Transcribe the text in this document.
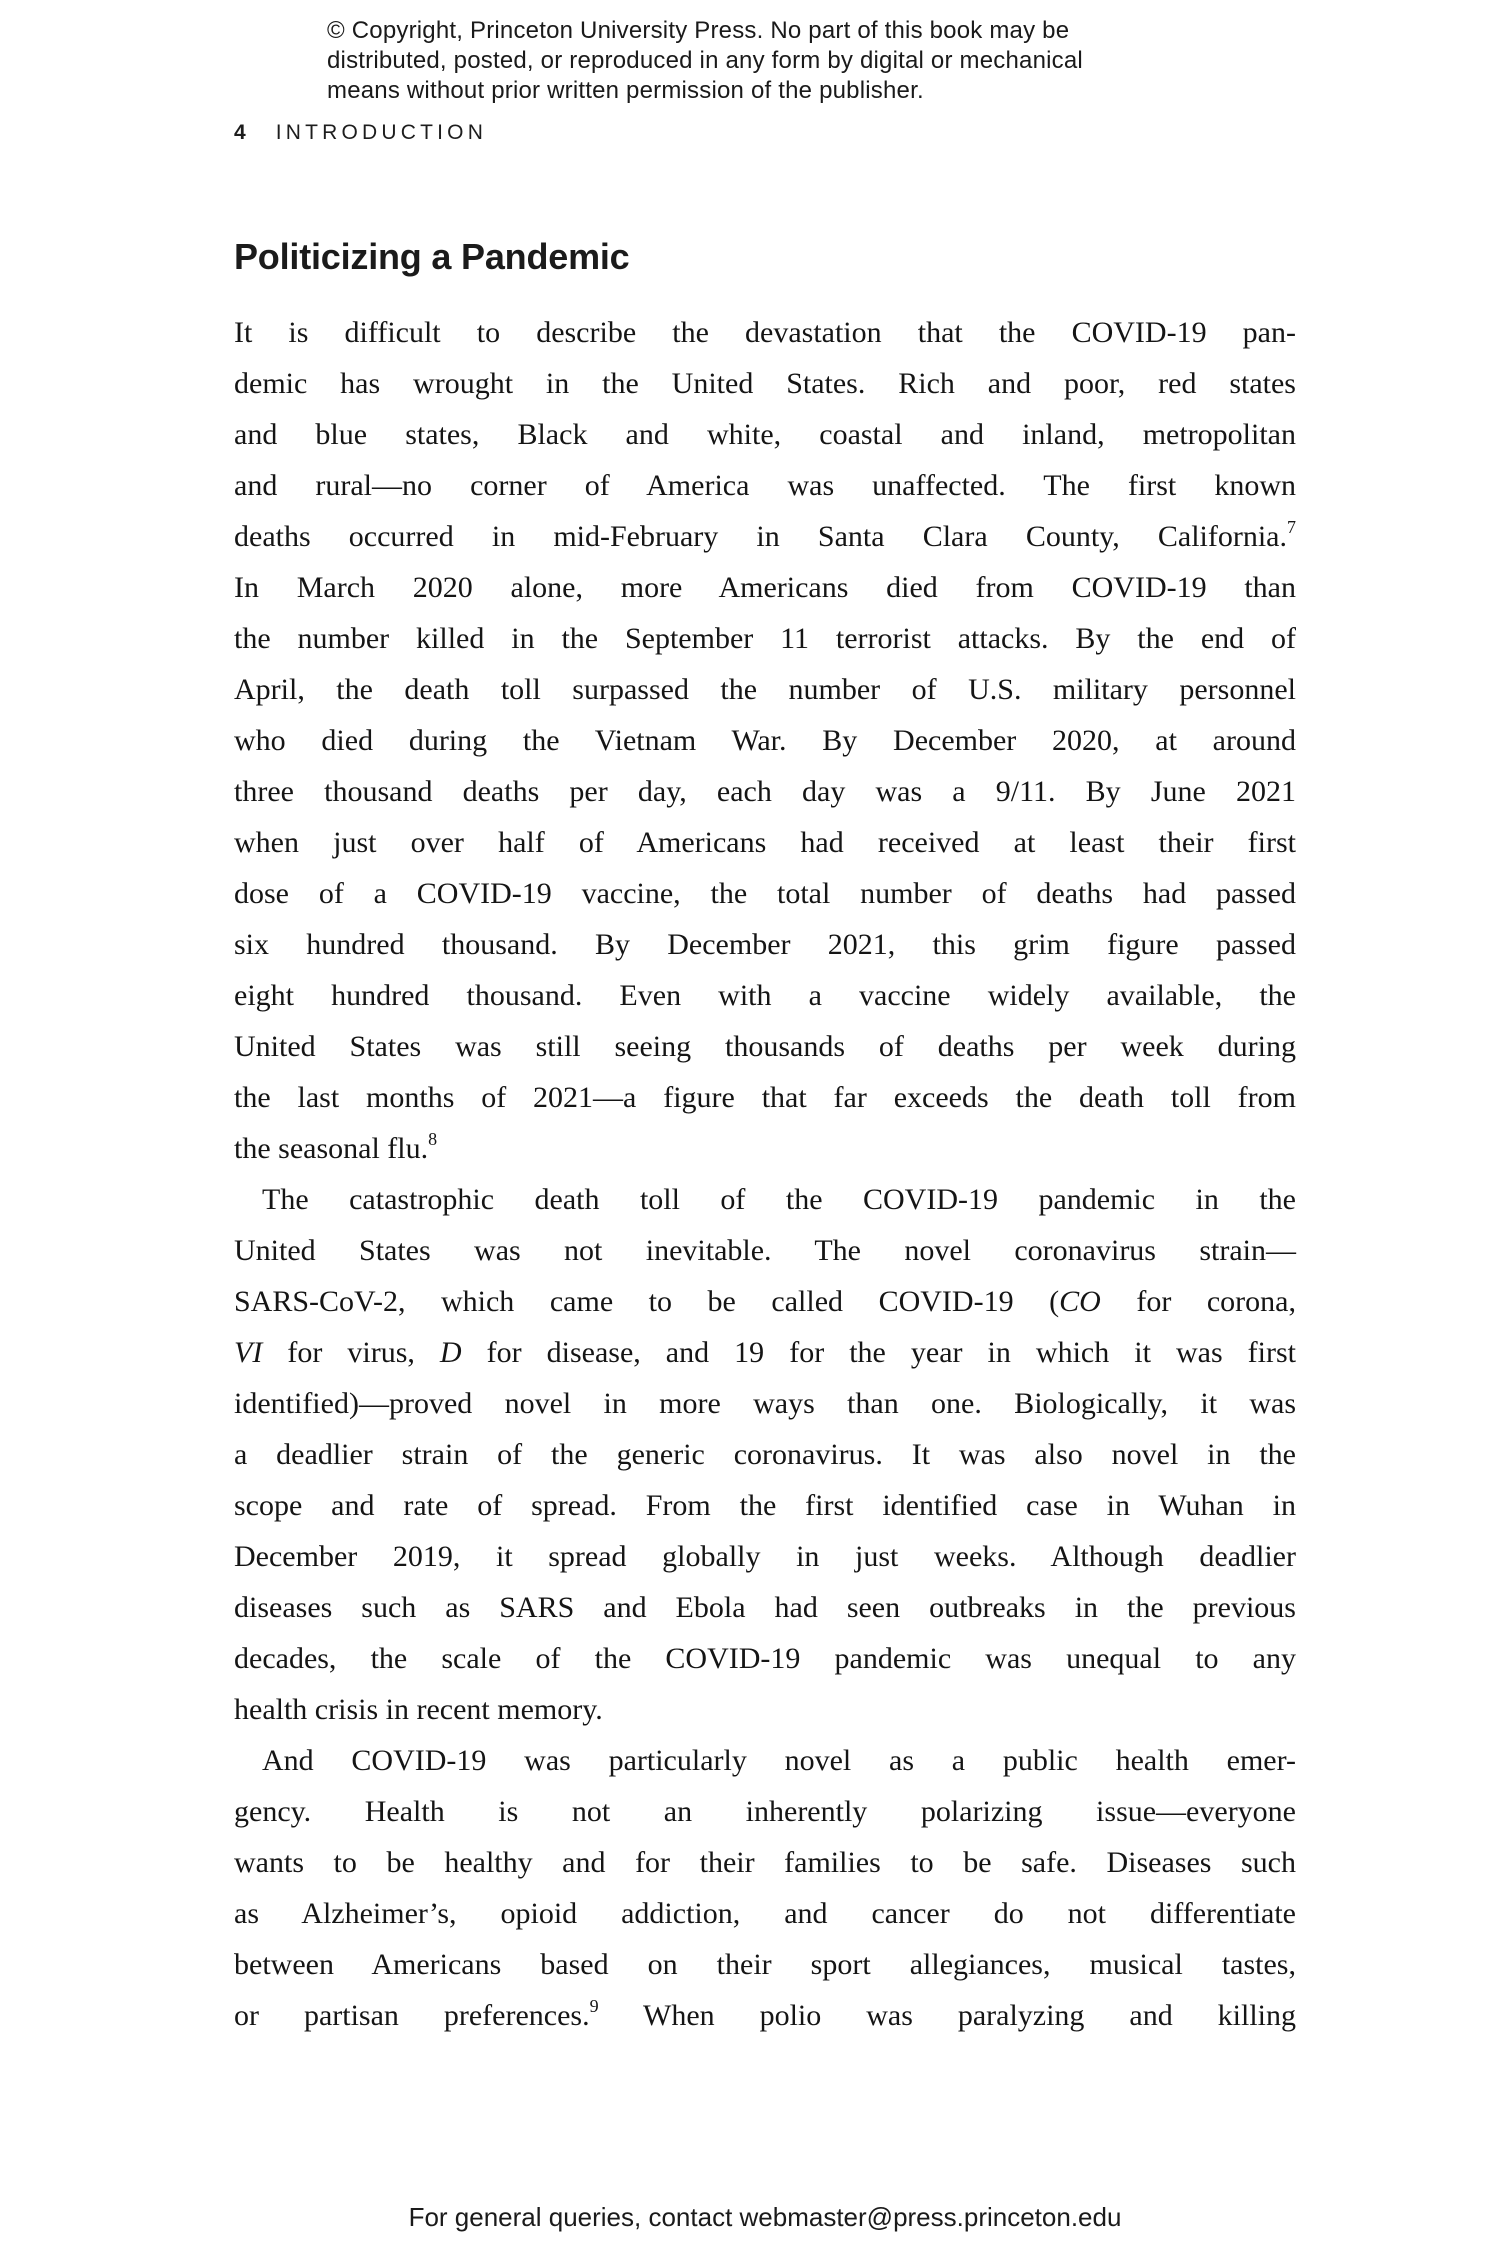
© Copyright, Princeton University Press. No part of this book may be
distributed, posted, or reproduced in any form by digital or mechanical
means without prior written permission of the publisher.
4 INTRODUCTION
Politicizing a Pandemic
It is difficult to describe the devastation that the COVID-19 pan-
demic has wrought in the United States. Rich and poor, red states
and blue states, Black and white, coastal and inland, metropolitan
and rural—no corner of America was unaffected. The first known
deaths occurred in mid-February in Santa Clara County, California.$^7$
In March 2020 alone, more Americans died from COVID-19 than
the number killed in the September 11 terrorist attacks. By the end of
April, the death toll surpassed the number of U.S. military personnel
who died during the Vietnam War. By December 2020, at around
three thousand deaths per day, each day was a 9/11. By June 2021
when just over half of Americans had received at least their first
dose of a COVID-19 vaccine, the total number of deaths had passed
six hundred thousand. By December 2021, this grim figure passed
eight hundred thousand. Even with a vaccine widely available, the
United States was still seeing thousands of deaths per week during
the last months of 2021—a figure that far exceeds the death toll from
the seasonal flu.$^8$
The catastrophic death toll of the COVID-19 pandemic in the
United States was not inevitable. The novel coronavirus strain—
SARS-CoV-2, which came to be called COVID-19 (CO for corona,
VI for virus, D for disease, and 19 for the year in which it was first
identified)—proved novel in more ways than one. Biologically, it was
a deadlier strain of the generic coronavirus. It was also novel in the
scope and rate of spread. From the first identified case in Wuhan in
December 2019, it spread globally in just weeks. Although deadlier
diseases such as SARS and Ebola had seen outbreaks in the previous
decades, the scale of the COVID-19 pandemic was unequal to any
health crisis in recent memory.
And COVID-19 was particularly novel as a public health emer-
gency. Health is not an inherently polarizing issue—everyone
wants to be healthy and for their families to be safe. Diseases such
as Alzheimer’s, opioid addiction, and cancer do not differentiate
between Americans based on their sport allegiances, musical tastes,
or partisan preferences.$^9$ When polio was paralyzing and killing
For general queries, contact webmaster@press.princeton.edu
